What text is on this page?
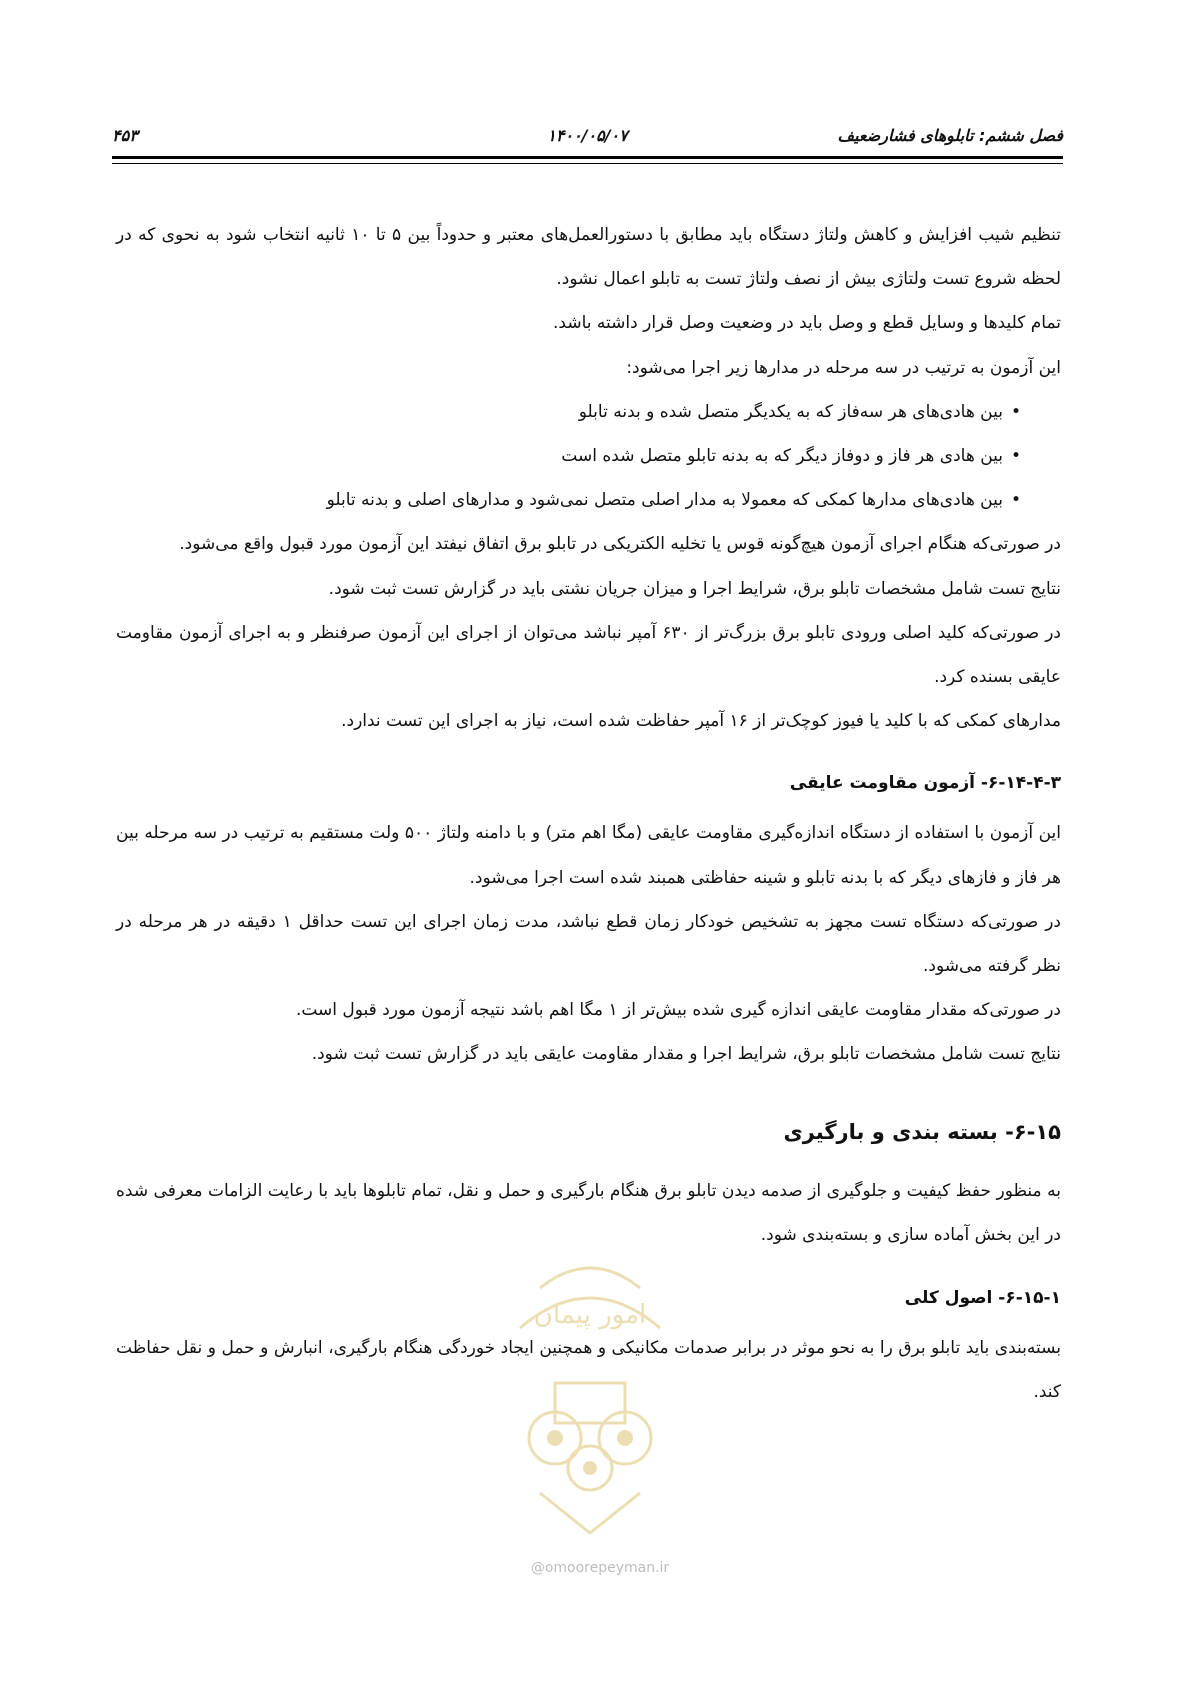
فصل ششم: تابلوهای فشارضعیف
۱۴۰۰/۰۵/۰۷
۴۵۳

تنظیم شیب افزایش و کاهش ولتاژ دستگاه باید مطابق با دستورالعمل‌های معتبر و حدوداً بین ۵ تا ۱۰ ثانیه انتخاب شود به نحوی که در لحظه شروع تست ولتاژی بیش از نصف ولتاژ تست به تابلو اعمال نشود.

تمام کلیدها و وسایل قطع و وصل باید در وضعیت وصل قرار داشته باشد.

این آزمون به ترتیب در سه مرحله در مدارها زیر اجرا می‌شود:

•
بین هادی‌های هر سه‌فاز که به یکدیگر متصل شده و بدنه تابلو
•
بین هادی هر فاز و دوفاز دیگر که به بدنه تابلو متصل شده است
•
بین هادی‌های مدارها کمکی که معمولا به مدار اصلی متصل نمی‌شود و مدارهای اصلی و بدنه تابلو

در صورتی‌که هنگام اجرای آزمون هیچ‌گونه قوس یا تخلیه الکتریکی در تابلو برق اتفاق نیفتد این آزمون مورد قبول واقع می‌شود.

نتایج تست شامل مشخصات تابلو برق، شرایط اجرا و میزان جریان نشتی باید در گزارش تست ثبت شود.

در صورتی‌که کلید اصلی ورودی تابلو برق بزرگ‌تر از ۶۳۰ آمپر نباشد می‌توان از اجرای این آزمون صرفنظر و به اجرای آزمون مقاومت عایقی بسنده کرد.

مدارهای کمکی که با کلید یا فیوز کوچک‌تر از ۱۶ آمپر حفاظت شده است، نیاز به اجرای این تست ندارد.

۶-۱۴-۴-۳- آزمون مقاومت عایقی

این آزمون با استفاده از دستگاه اندازه‌گیری مقاومت عایقی (مگا اهم متر) و با دامنه ولتاژ ۵۰۰ ولت مستقیم به ترتیب در سه مرحله بین هر فاز و فازهای دیگر که با بدنه تابلو و شینه حفاظتی همبند شده است اجرا می‌شود.

در صورتی‌که دستگاه تست مجهز به تشخیص خودکار زمان قطع نباشد، مدت زمان اجرای این تست حداقل ۱ دقیقه در هر مرحله در نظر گرفته می‌شود.

در صورتی‌که مقدار مقاومت عایقی اندازه گیری شده بیش‌تر از ۱ مگا اهم باشد نتیجه آزمون مورد قبول است.

نتایج تست شامل مشخصات تابلو برق، شرایط اجرا و مقدار مقاومت عایقی باید در گزارش تست ثبت شود.

۶-۱۵- بسته بندی و بارگیری

به منظور حفظ کیفیت و جلوگیری از صدمه دیدن تابلو برق هنگام بارگیری و حمل و نقل، تمام تابلوها باید با رعایت الزامات معرفی شده در این بخش آماده سازی و بسته‌بندی شود.

۶-۱۵-۱- اصول کلی

بسته‌بندی باید تابلو برق را به نحو موثر در برابر صدمات مکانیکی و همچنین ایجاد خوردگی هنگام بارگیری، انبارش و حمل و نقل حفاظت کند.

امور پیمان
@omoorepeyman.ir
